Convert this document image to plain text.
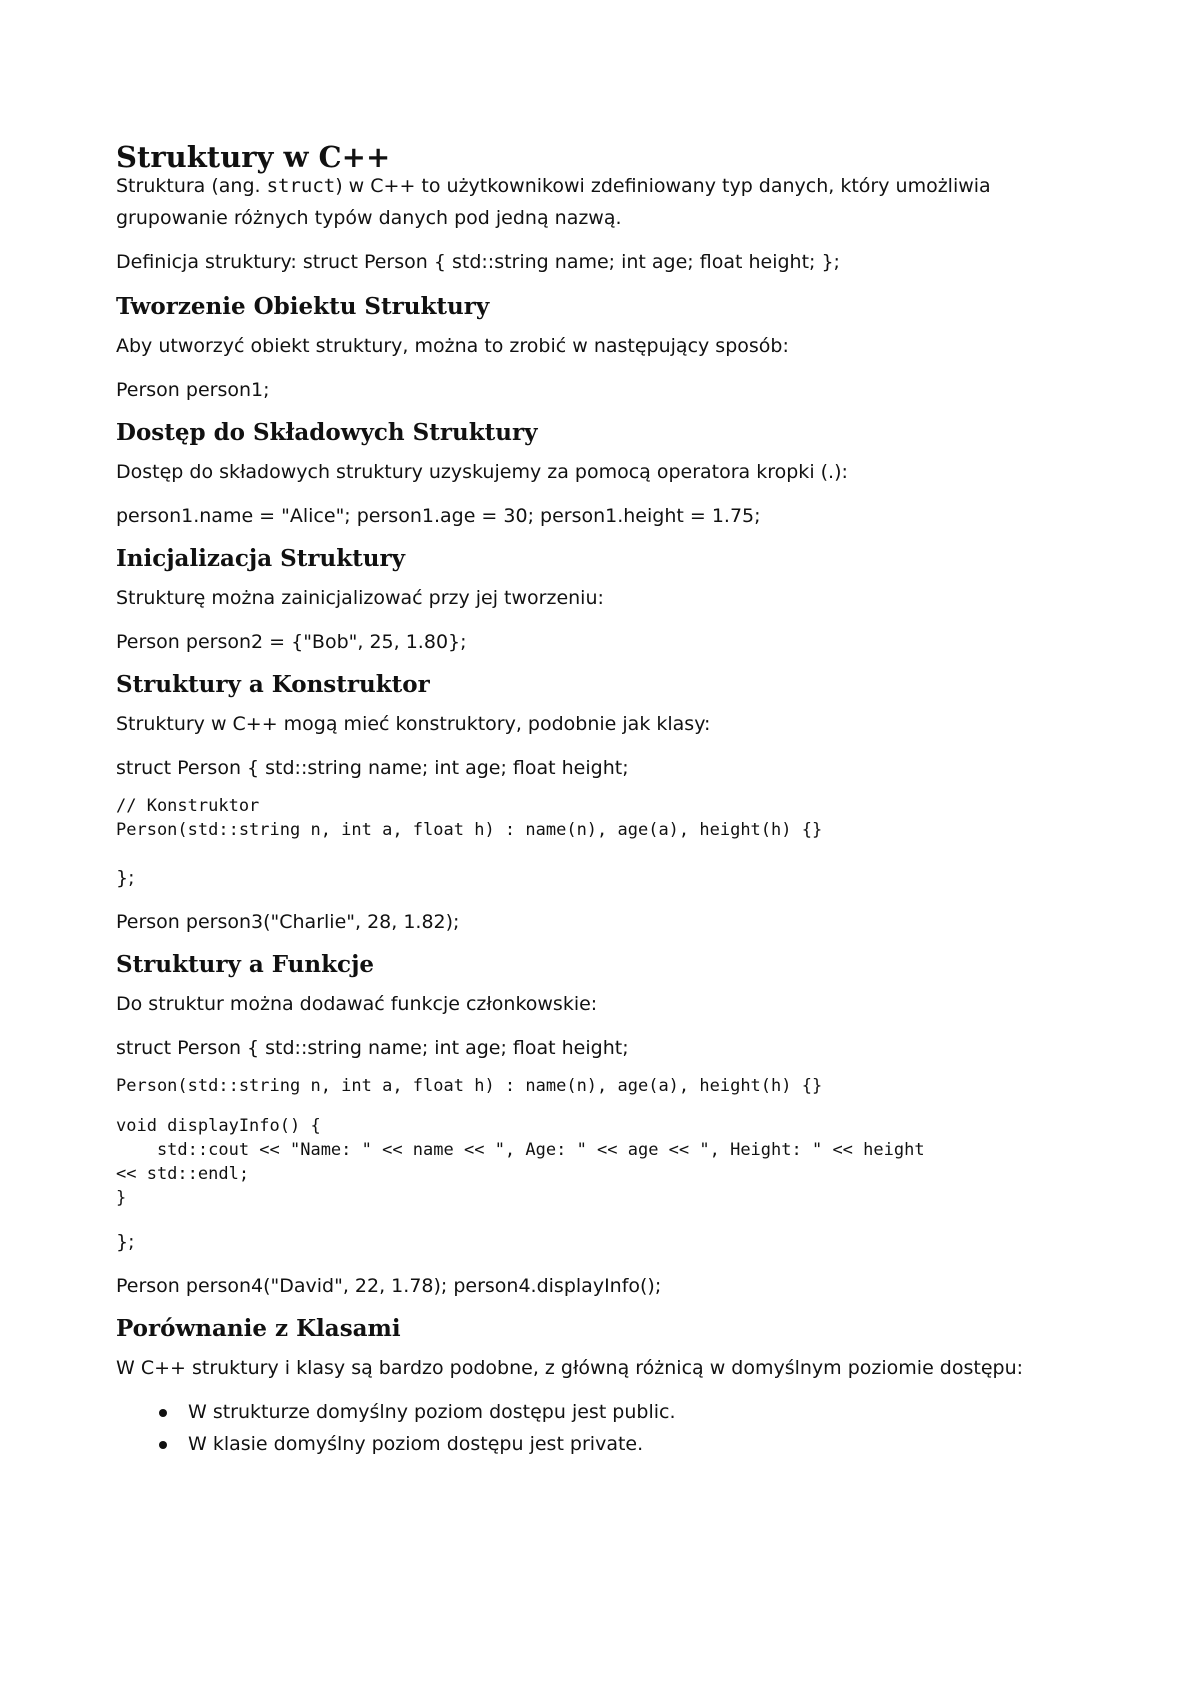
Struktury w C++

Struktura (ang. struct) w C++ to użytkownikowi zdefiniowany typ danych, który umożliwia

grupowanie różnych typów danych pod jedną nazwą.

Definicja struktury: struct Person { std::string name; int age; float height; };

Tworzenie Obiektu Struktury

Aby utworzyć obiekt struktury, można to zrobić w następujący sposób:

Person person1;

Dostęp do Składowych Struktury

Dostęp do składowych struktury uzyskujemy za pomocą operatora kropki (.):

person1.name = "Alice"; person1.age = 30; person1.height = 1.75;

Inicjalizacja Struktury

Strukturę można zainicjalizować przy jej tworzeniu:

Person person2 = {"Bob", 25, 1.80};

Struktury a Konstruktor

Struktury w C++ mogą mieć konstruktory, podobnie jak klasy:

struct Person { std::string name; int age; float height;

// Konstruktor
Person(std::string n, int a, float h) : name(n), age(a), height(h) {}

};

Person person3("Charlie", 28, 1.82);

Struktury a Funkcje

Do struktur można dodawać funkcje członkowskie:

struct Person { std::string name; int age; float height;

Person(std::string n, int a, float h) : name(n), age(a), height(h) {}
void displayInfo() {
std::cout << "Name: " << name << ", Age: " << age << ", Height: " << height
<< std::endl;
}

};

Person person4("David", 22, 1.78); person4.displayInfo();

Porównanie z Klasami

W C++ struktury i klasy są bardzo podobne, z główną różnicą w domyślnym poziomie dostępu:

W strukturze domyślny poziom dostępu jest public.
W klasie domyślny poziom dostępu jest private.
